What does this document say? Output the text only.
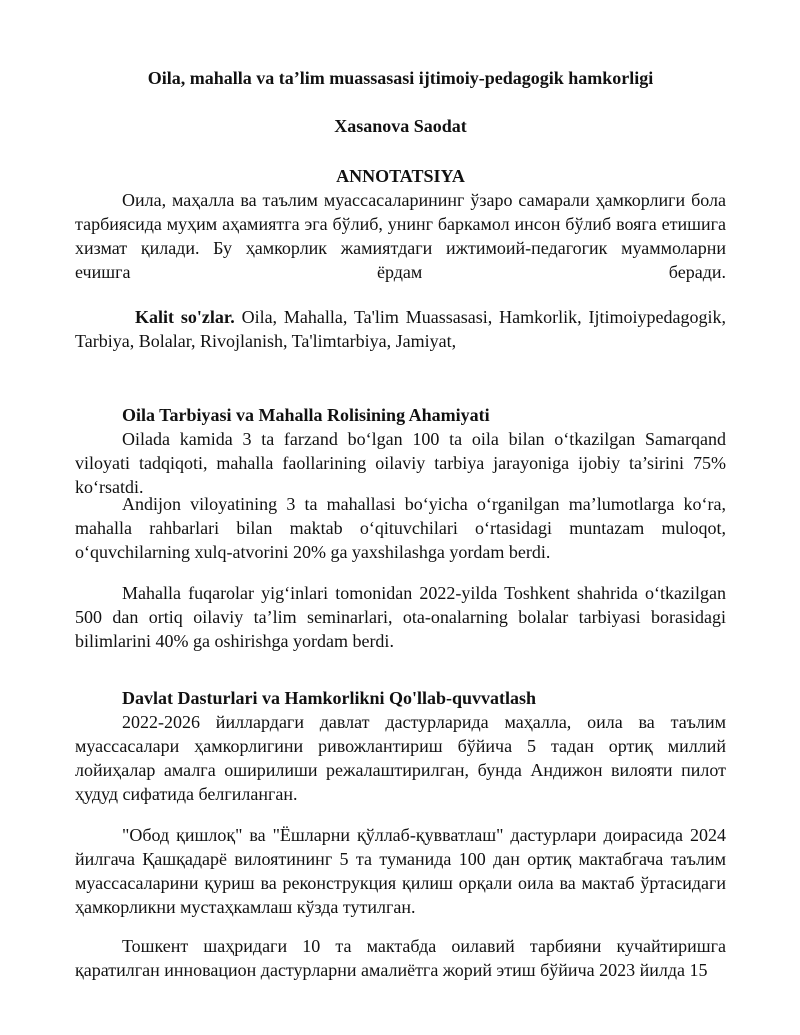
Oila, mahalla va ta’lim muassasasi ijtimoiy-pedagogik hamkorligi
Xasanova Saodat
ANNOTATSIYA

Оила, маҳалла ва таълим муассасаларининг ўзаро самарали ҳамкорлиги бола тарбиясида муҳим аҳамиятга эга бўлиб, унинг баркамол инсон бўлиб вояга етишига хизмат қилади. Бу ҳамкорлик жамиятдаги ижтимоий-педагогик муаммоларни ечишга ёрдам беради.

Kalit so'zlar. Oila, Mahalla, Ta'lim Muassasasi, Hamkorlik, Ijtimoiypedagogik, Tarbiya, Bolalar, Rivojlanish, Ta'limtarbiya, Jamiyat,

Oila Tarbiyasi va Mahalla Rolisining Ahamiyati

Oilada kamida 3 ta farzand bo‘lgan 100 ta oila bilan o‘tkazilgan Samarqand viloyati tadqiqoti, mahalla faollarining oilaviy tarbiya jarayoniga ijobiy ta’sirini 75% ko‘rsatdi.

Andijon viloyatining 3 ta mahallasi bo‘yicha o‘rganilgan ma’lumotlarga ko‘ra, mahalla rahbarlari bilan maktab o‘qituvchilari o‘rtasidagi muntazam muloqot, o‘quvchilarning xulq-atvorini 20% ga yaxshilashga yordam berdi.

Mahalla fuqarolar yig‘inlari tomonidan 2022-yilda Toshkent shahrida o‘tkazilgan 500 dan ortiq oilaviy ta’lim seminarlari, ota-onalarning bolalar tarbiyasi borasidagi bilimlarini 40% ga oshirishga yordam berdi.

Davlat Dasturlari va Hamkorlikni Qo'llab-quvvatlash

2022-2026 йиллардаги давлат дастурларида маҳалла, оила ва таълим муассасалари ҳамкорлигини ривожлантириш бўйича 5 тадан ортиқ миллий лойиҳалар амалга оширилиши режалаштирилган, бунда Андижон вилояти пилот ҳудуд сифатида белгиланган.

"Обод қишлоқ" ва "Ёшларни қўллаб-қувватлаш" дастурлари доирасида 2024 йилгача Қашқадарё вилоятининг 5 та туманида 100 дан ортиқ мактабгача таълим муассасаларини қуриш ва реконструкция қилиш орқали оила ва мактаб ўртасидаги ҳамкорликни мустаҳкамлаш кўзда тутилган.

Тошкент шаҳридаги 10 та мактабда оилавий тарбияни кучайтиришга қаратилган инновацион дастурларни амалиётга жорий этиш бўйича 2023 йилда 15
